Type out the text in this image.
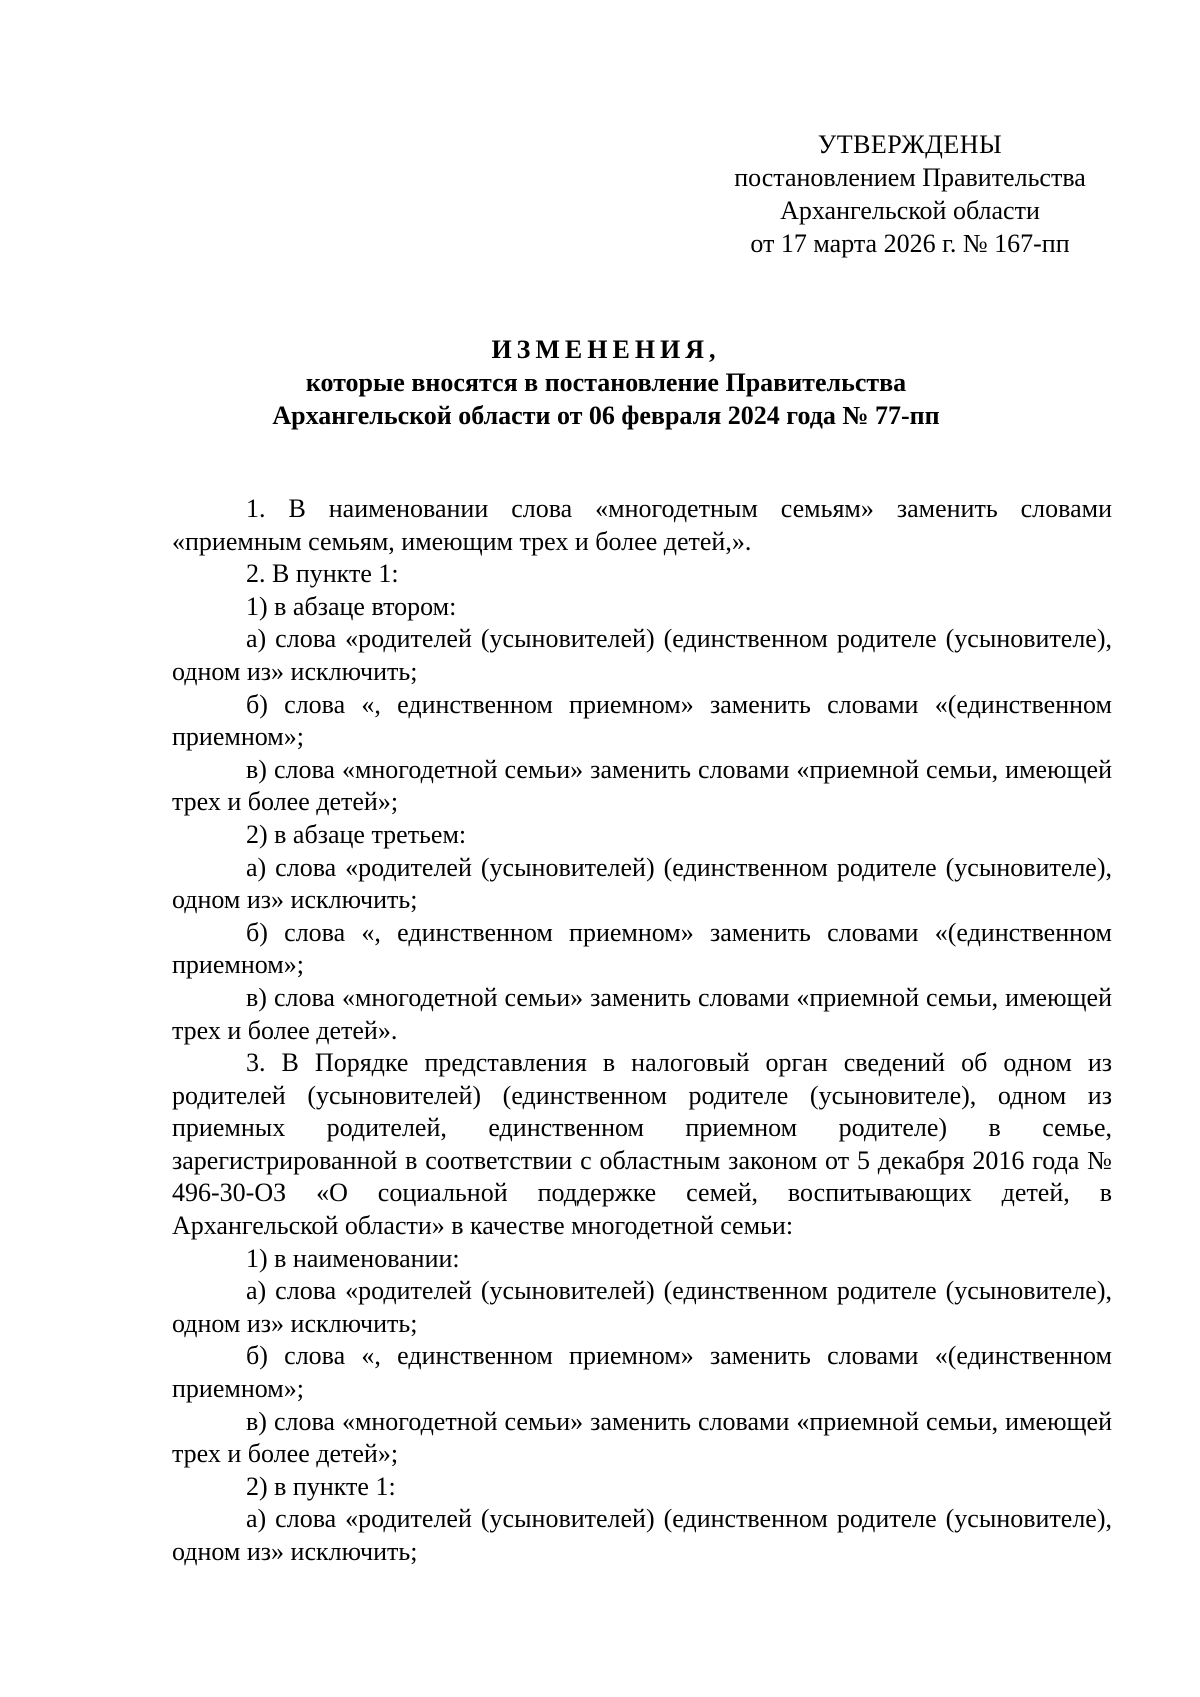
УТВЕРЖДЕНЫ
постановлением Правительства
Архангельской области
от 17 марта 2026 г. № 167-пп
ИЗМЕНЕНИЯ,
которые вносятся в постановление Правительства
Архангельской области от 06 февраля 2024 года № 77-пп

1. В наименовании слова «многодетным семьям» заменить словами «приемным семьям, имеющим трех и более детей,».

2. В пункте 1:

1) в абзаце втором:

а) слова «родителей (усыновителей) (единственном родителе (усыновителе), одном из» исключить;

б) слова «, единственном приемном» заменить словами «(единственном приемном»;

в) слова «многодетной семьи» заменить словами «приемной семьи, имеющей трех и более детей»;

2) в абзаце третьем:

а) слова «родителей (усыновителей) (единственном родителе (усыновителе), одном из» исключить;

б) слова «, единственном приемном» заменить словами «(единственном приемном»;

в) слова «многодетной семьи» заменить словами «приемной семьи, имеющей трех и более детей».

3. В Порядке представления в налоговый орган сведений об одном из родителей (усыновителей) (единственном родителе (усыновителе), одном из приемных родителей, единственном приемном родителе) в семье, зарегистрированной в соответствии с областным законом от 5 декабря 2016 года № 496-30-ОЗ «О социальной поддержке семей, воспитывающих детей, в Архангельской области» в качестве многодетной семьи:

1) в наименовании:

а) слова «родителей (усыновителей) (единственном родителе (усыновителе), одном из» исключить;

б) слова «, единственном приемном» заменить словами «(единственном приемном»;

в) слова «многодетной семьи» заменить словами «приемной семьи, имеющей трех и более детей»;

2) в пункте 1:

а) слова «родителей (усыновителей) (единственном родителе (усыновителе), одном из» исключить;
